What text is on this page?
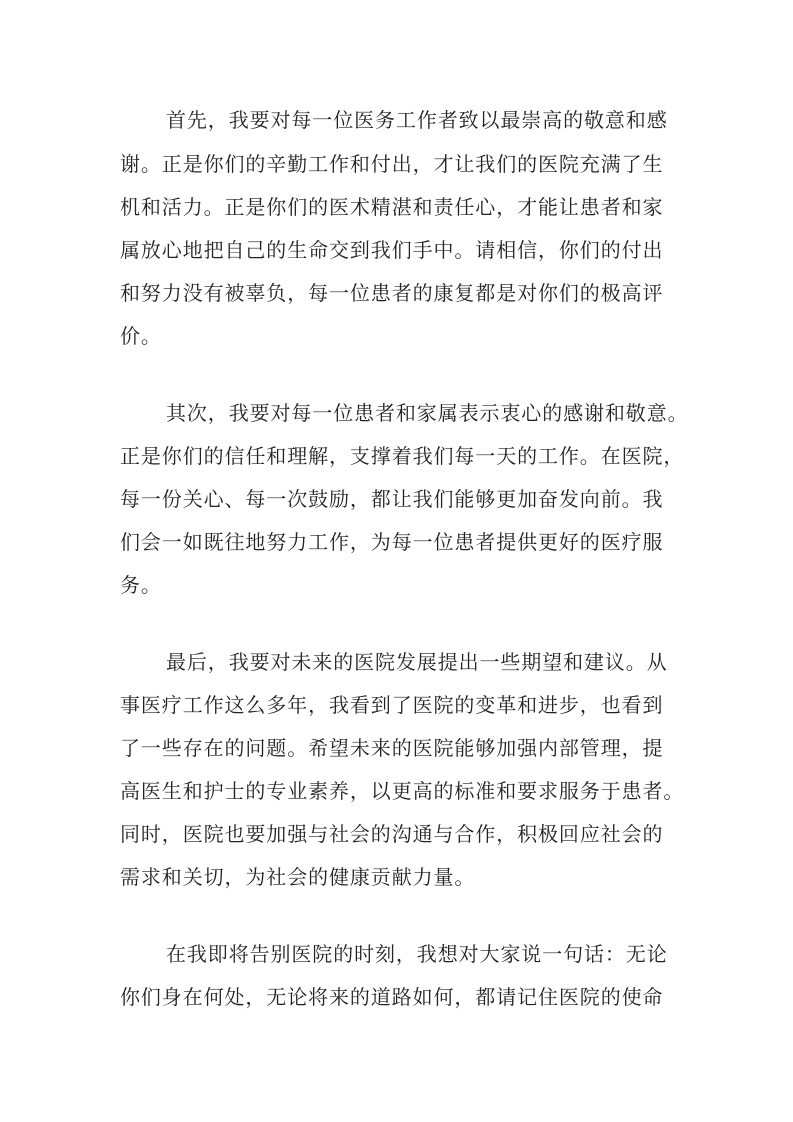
首先，我要对每一位医务工作者致以最崇高的敬意和感
谢。正是你们的辛勤工作和付出，才让我们的医院充满了生
机和活力。正是你们的医术精湛和责任心，才能让患者和家
属放心地把自己的生命交到我们手中。请相信，你们的付出
和努力没有被辜负，每一位患者的康复都是对你们的极高评
价。
其次，我要对每一位患者和家属表示衷心的感谢和敬意。
正是你们的信任和理解，支撑着我们每一天的工作。在医院，
每一份关心、每一次鼓励，都让我们能够更加奋发向前。我
们会一如既往地努力工作，为每一位患者提供更好的医疗服
务。
最后，我要对未来的医院发展提出一些期望和建议。从
事医疗工作这么多年，我看到了医院的变革和进步，也看到
了一些存在的问题。希望未来的医院能够加强内部管理，提
高医生和护士的专业素养，以更高的标准和要求服务于患者。
同时，医院也要加强与社会的沟通与合作，积极回应社会的
需求和关切，为社会的健康贡献力量。
在我即将告别医院的时刻，我想对大家说一句话：无论
你们身在何处，无论将来的道路如何，都请记住医院的使命
